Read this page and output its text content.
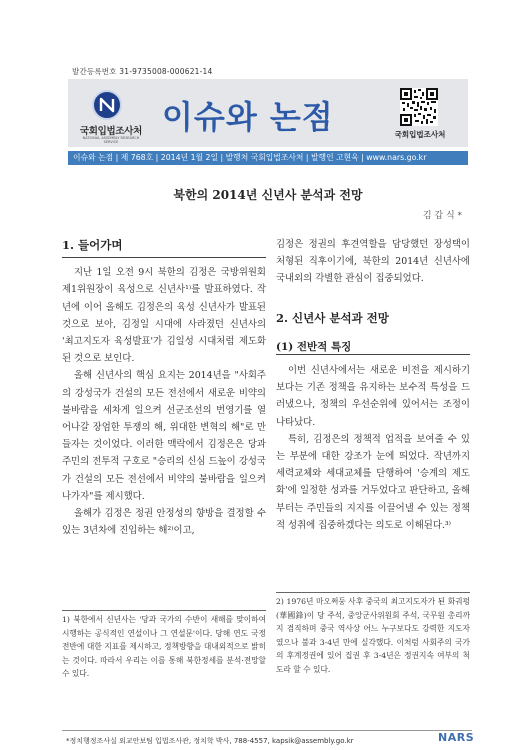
발간등록번호 31-9735008-000621-14
국회입법조사처
NATIONAL ASSEMBLY RESEARCH SERVICE
이슈와 논점	국회입법조사처
이슈와 논점 | 제 768호 | 2014년 1월 2일 | 발행처 국회입법조사처 | 발행인 고현욱 | www.nars.go.kr
북한의 2014년 신년사 분석과 전망
김 갑 식 *
1. 들어가며

지난 1일 오전 9시 북한의 김정은 국방위원회 제1위원장이 육성으로 신년사¹⁾를 발표하였다. 작년에 이어 올해도 김정은의 육성 신년사가 발표된 것으로 보아, 김정일 시대에 사라졌던 신년사의 '최고지도자 육성발표'가 김일성 시대처럼 제도화된 것으로 보인다.

올해 신년사의 핵심 요지는 2014년을 "사회주의 강성국가 건설의 모든 전선에서 새로운 비약의 불바람을 세차게 일으켜 선군조선의 번영기를 열어나갈 장엄한 투쟁의 해, 위대한 변혁의 해"로 만들자는 것이었다. 이러한 맥락에서 김정은은 당과 주민의 전투적 구호로 "승리의 신심 드높이 강성국가 건설의 모든 전선에서 비약의 불바람을 일으켜 나가자"를 제시했다.

올해가 김정은 정권 안정성의 향방을 결정할 수 있는 3년차에 진입하는 해²⁾이고,

1) 북한에서 신년사는 '당과 국가의 수반이 새해를 맞이하여 시행하는 공식적인 연설이나 그 연설문'이다. 당해 연도 국정 전반에 대한 지표를 제시하고, 정책방향을 대내외적으로 밝히는 것이다. 따라서 우리는 이를 통해 북한정세를 분석·전망할 수 있다.

김정은 정권의 후견역할을 담당했던 장성택이 처형된 직후이기에, 북한의 2014년 신년사에 국내외의 각별한 관심이 집중되었다.

2. 신년사 분석과 전망
(1) 전반적 특징

이번 신년사에서는 새로운 비전을 제시하기보다는 기존 정책을 유지하는 보수적 특성을 드러냈으나, 정책의 우선순위에 있어서는 조정이 나타났다.

특히, 김정은의 정책적 업적을 보여줄 수 있는 부분에 대한 강조가 눈에 띄었다. 작년까지 세력교체와 세대교체를 단행하여 '승계의 제도화'에 일정한 성과를 거두었다고 판단하고, 올해부터는 주민들의 지지를 이끌어낼 수 있는 정책적 성취에 집중하겠다는 의도로 이해된다.³⁾

2) 1976년 마오쩌둥 사후 중국의 최고지도자가 된 화궈펑(華國鋒)이 당 주석, 중앙군사위원회 주석, 국무원 총리까지 겸직하며 중국 역사상 어느 누구보다도 강력한 지도자였으나 불과 3-4년 만에 실각했다. 이처럼 사회주의 국가의 후계정권에 있어 집권 후 3-4년은 정권지속 여부의 척도라 할 수 있다.
*정치행정조사실 외교안보팀 입법조사관, 정치학 박사, 788-4557, kapsik@assembly.go.kr	NARS
